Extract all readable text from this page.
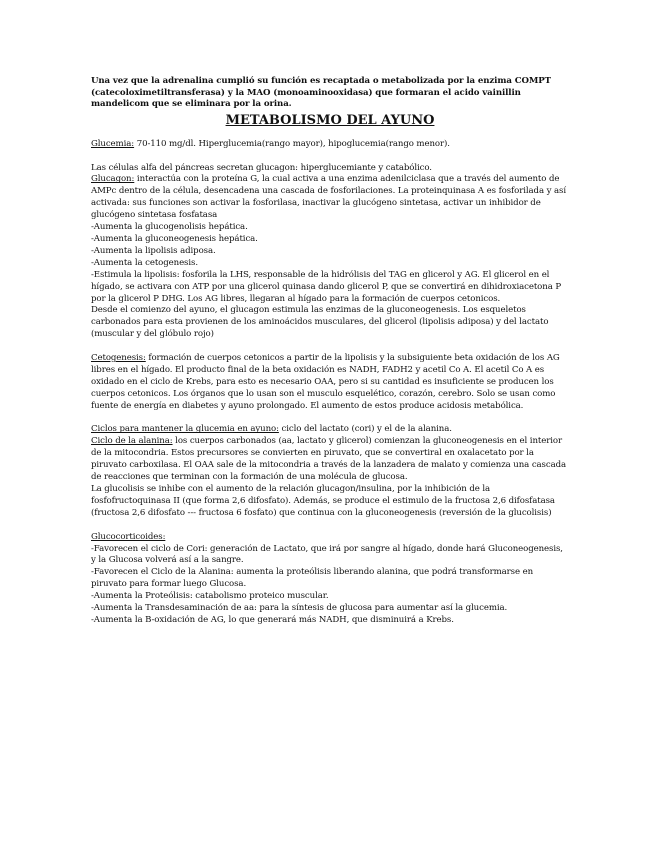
Una vez que la adrenalina cumplió su función es recaptada o metabolizada por la enzima COMPT (catecoloximetiltransferasa) y la MAO (monoaminooxidasa) que formaran el acido vainillin mandelicom que se eliminara por la orina.

METABOLISMO DEL AYUNO

Glucemia: 70-110 mg/dl. Hiperglucemia(rango mayor), hipoglucemia(rango menor).

Las células alfa del páncreas secretan glucagon: hiperglucemiante y catabólico.

Glucagon: interactúa con la proteína G, la cual activa a una enzima adenilciclasa que a través del aumento de AMPc dentro de la célula, desencadena una cascada de fosforilaciones. La proteinquinasa A es fosforilada y así activada: sus funciones son activar la fosforilasa, inactivar la glucógeno sintetasa, activar un inhibidor de glucógeno sintetasa fosfatasa

-Aumenta la glucogenolisis hepática.

-Aumenta la gluconeogenesis hepática.

-Aumenta la lipolisis adiposa.

-Aumenta la cetogenesis.

-Estimula la lipolisis: fosforila la LHS, responsable de la hidrólisis del TAG en glicerol y AG. El glicerol en el hígado, se activara con ATP por una glicerol quinasa dando glicerol P, que se convertirá en dihidroxiacetona P por la glicerol P DHG. Los AG libres, llegaran al hígado para la formación de cuerpos cetonicos.

Desde el comienzo del ayuno, el glucagon estimula las enzimas de la gluconeogenesis. Los esqueletos carbonados para esta provienen de los aminoácidos musculares, del glicerol (lipolisis adiposa) y del lactato (muscular y del glóbulo rojo)

Cetogenesis: formación de cuerpos cetonicos a partir de la lipolisis y la subsiguiente beta oxidación de los AG libres en el hígado. El producto final de la beta oxidación es NADH, FADH2 y acetil Co A. El acetil Co A es oxidado en el ciclo de Krebs, para esto es necesario OAA, pero si su cantidad es insuficiente se producen los cuerpos cetonicos. Los órganos que lo usan son el musculo esquelético, corazón, cerebro. Solo se usan como fuente de energía en diabetes y ayuno prolongado. El aumento de estos produce acidosis metabólica.

Ciclos para mantener la glucemia en ayuno: ciclo del lactato (cori) y el de la alanina.

Ciclo de la alanina: los cuerpos carbonados (aa, lactato y glicerol) comienzan la gluconeogenesis en el interior de la mitocondria. Estos precursores se convierten en piruvato, que se convertiral en oxalacetato por la piruvato carboxilasa. El OAA sale de la mitocondria a través de la lanzadera de malato y comienza una cascada de reacciones que terminan con la formación de una molécula de glucosa.

La glucolisis se inhibe con el aumento de la relación glucagon/insulina, por la inhibición de la fosfofructoquinasa II (que forma 2,6 difosfato). Además, se produce el estimulo de la fructosa 2,6 difosfatasa (fructosa 2,6 difosfato --- fructosa 6 fosfato) que continua con la gluconeogenesis (reversión de la glucolisis)

Glucocorticoides:

-Favorecen el ciclo de Cori: generación de Lactato, que irá por sangre al hígado, donde hará Gluconeogenesis, y la Glucosa volverá así a la sangre.

-Favorecen el Ciclo de la Alanina: aumenta la proteólisis liberando alanina, que podrá transformarse en piruvato para formar luego Glucosa.

-Aumenta la Proteólisis: catabolismo proteico muscular.

-Aumenta la Transdesaminación de aa: para la síntesis de glucosa para aumentar así la glucemia.

-Aumenta la B-oxidación de AG, lo que generará más NADH, que disminuirá a Krebs.
